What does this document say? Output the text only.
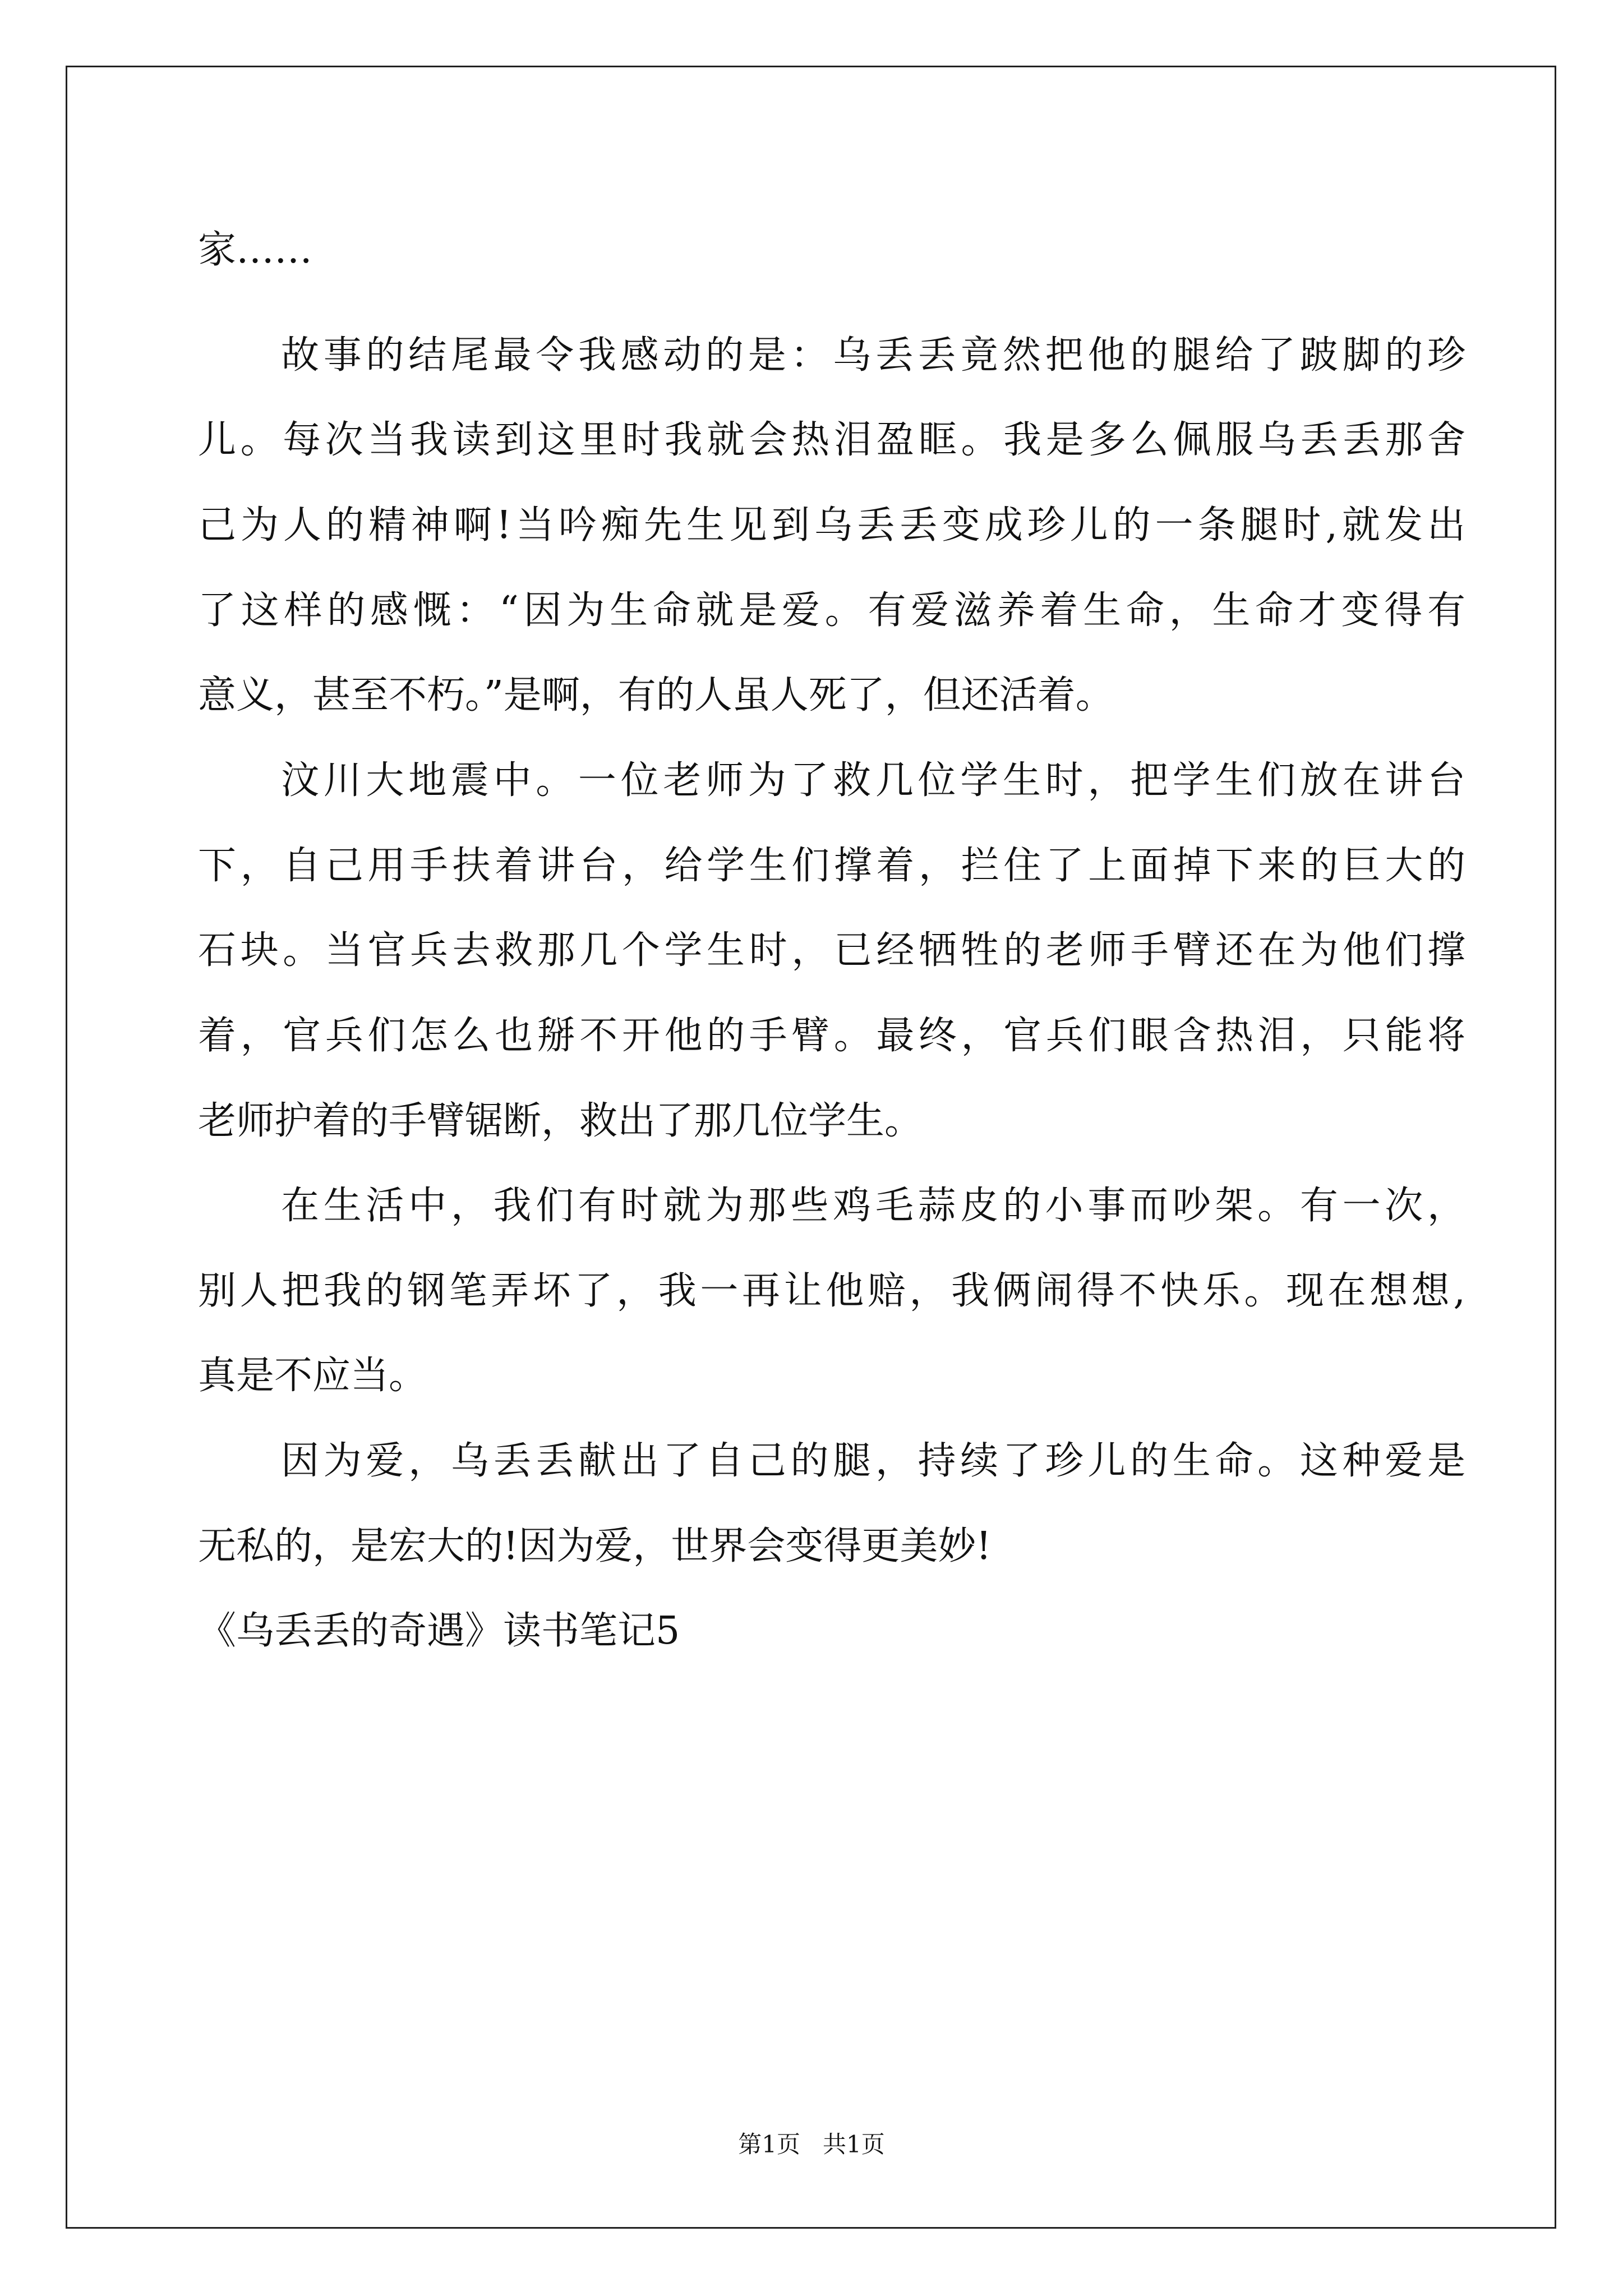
家……
故事的结尾最令我感动的是：乌丢丢竟然把他的腿给了跛脚的珍
儿。每次当我读到这里时我就会热泪盈眶。我是多么佩服乌丢丢那舍
己为人的精神啊!当吟痴先生见到乌丢丢变成珍儿的一条腿时,就发出
了这样的感慨：“因为生命就是爱。有爱滋养着生命，生命才变得有
意义，甚至不朽。”是啊，有的人虽人死了，但还活着。
汶川大地震中。一位老师为了救几位学生时，把学生们放在讲台
下，自己用手扶着讲台，给学生们撑着，拦住了上面掉下来的巨大的
石块。当官兵去救那几个学生时，已经牺牲的老师手臂还在为他们撑
着，官兵们怎么也掰不开他的手臂。最终，官兵们眼含热泪，只能将
老师护着的手臂锯断，救出了那几位学生。
在生活中，我们有时就为那些鸡毛蒜皮的小事而吵架。有一次，
别人把我的钢笔弄坏了，我一再让他赔，我俩闹得不快乐。现在想想,
真是不应当。
因为爱，乌丢丢献出了自己的腿，持续了珍儿的生命。这种爱是
无私的，是宏大的!因为爱，世界会变得更美妙!
《乌丢丢的奇遇》读书笔记5
第1页   共1页
